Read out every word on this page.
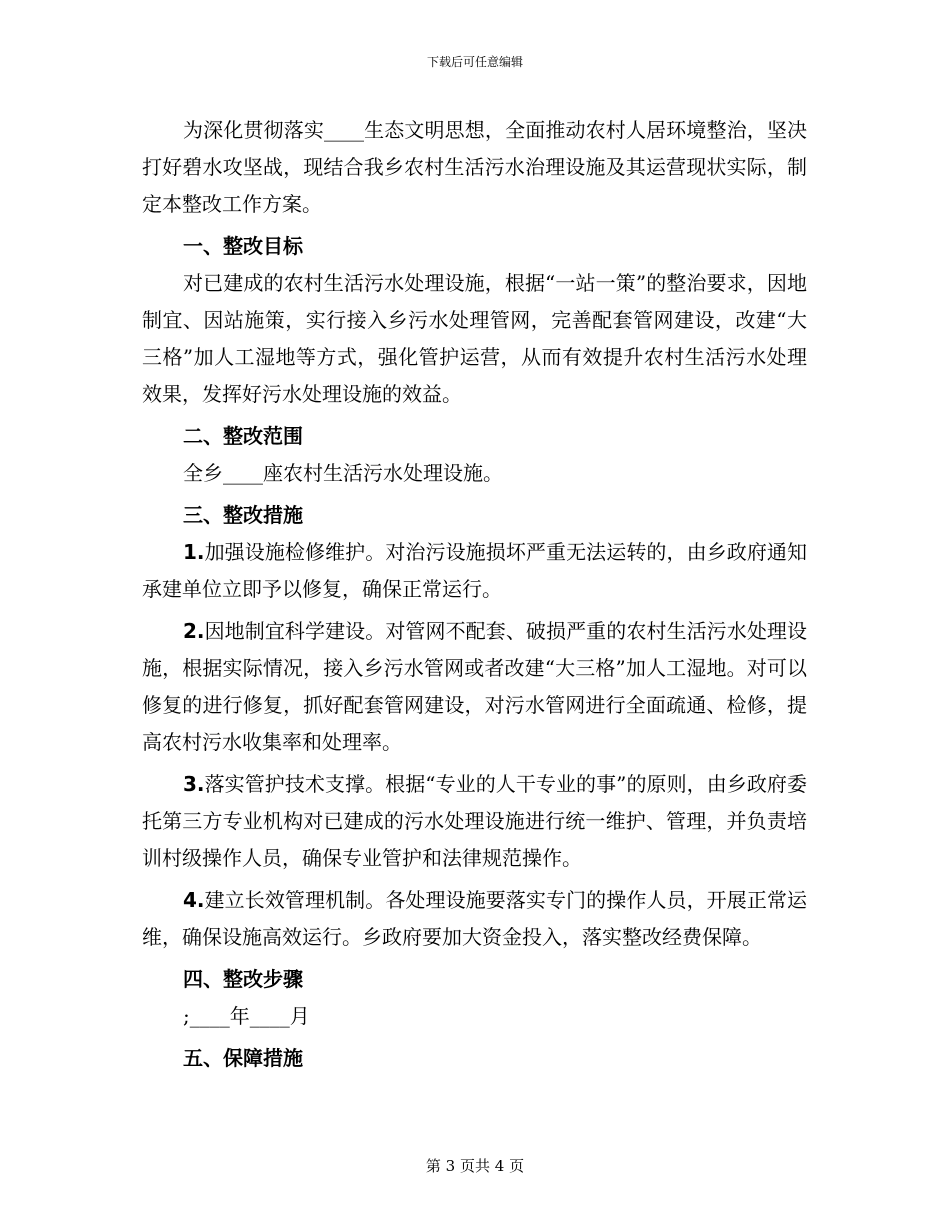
下载后可任意编辑

为深化贯彻落实____生态文明思想，全面推动农村人居环境整治，坚决打好碧水攻坚战，现结合我乡农村生活污水治理设施及其运营现状实际，制定本整改工作方案。

一、整改目标

对已建成的农村生活污水处理设施，根据“一站一策”的整治要求，因地制宜、因站施策，实行接入乡污水处理管网，完善配套管网建设，改建“大三格”加人工湿地等方式，强化管护运营，从而有效提升农村生活污水处理效果，发挥好污水处理设施的效益。

二、整改范围

全乡____座农村生活污水处理设施。

三、整改措施

1.加强设施检修维护。对治污设施损坏严重无法运转的，由乡政府通知承建单位立即予以修复，确保正常运行。

2.因地制宜科学建设。对管网不配套、破损严重的农村生活污水处理设施，根据实际情况，接入乡污水管网或者改建“大三格”加人工湿地。对可以修复的进行修复，抓好配套管网建设，对污水管网进行全面疏通、检修，提高农村污水收集率和处理率。

3.落实管护技术支撑。根据“专业的人干专业的事”的原则，由乡政府委托第三方专业机构对已建成的污水处理设施进行统一维护、管理，并负责培训村级操作人员，确保专业管护和法律规范操作。

4.建立长效管理机制。各处理设施要落实专门的操作人员，开展正常运维，确保设施高效运行。乡政府要加大资金投入，落实整改经费保障。

四、整改步骤

;____年____月

五、保障措施

第 3 页共 4 页
